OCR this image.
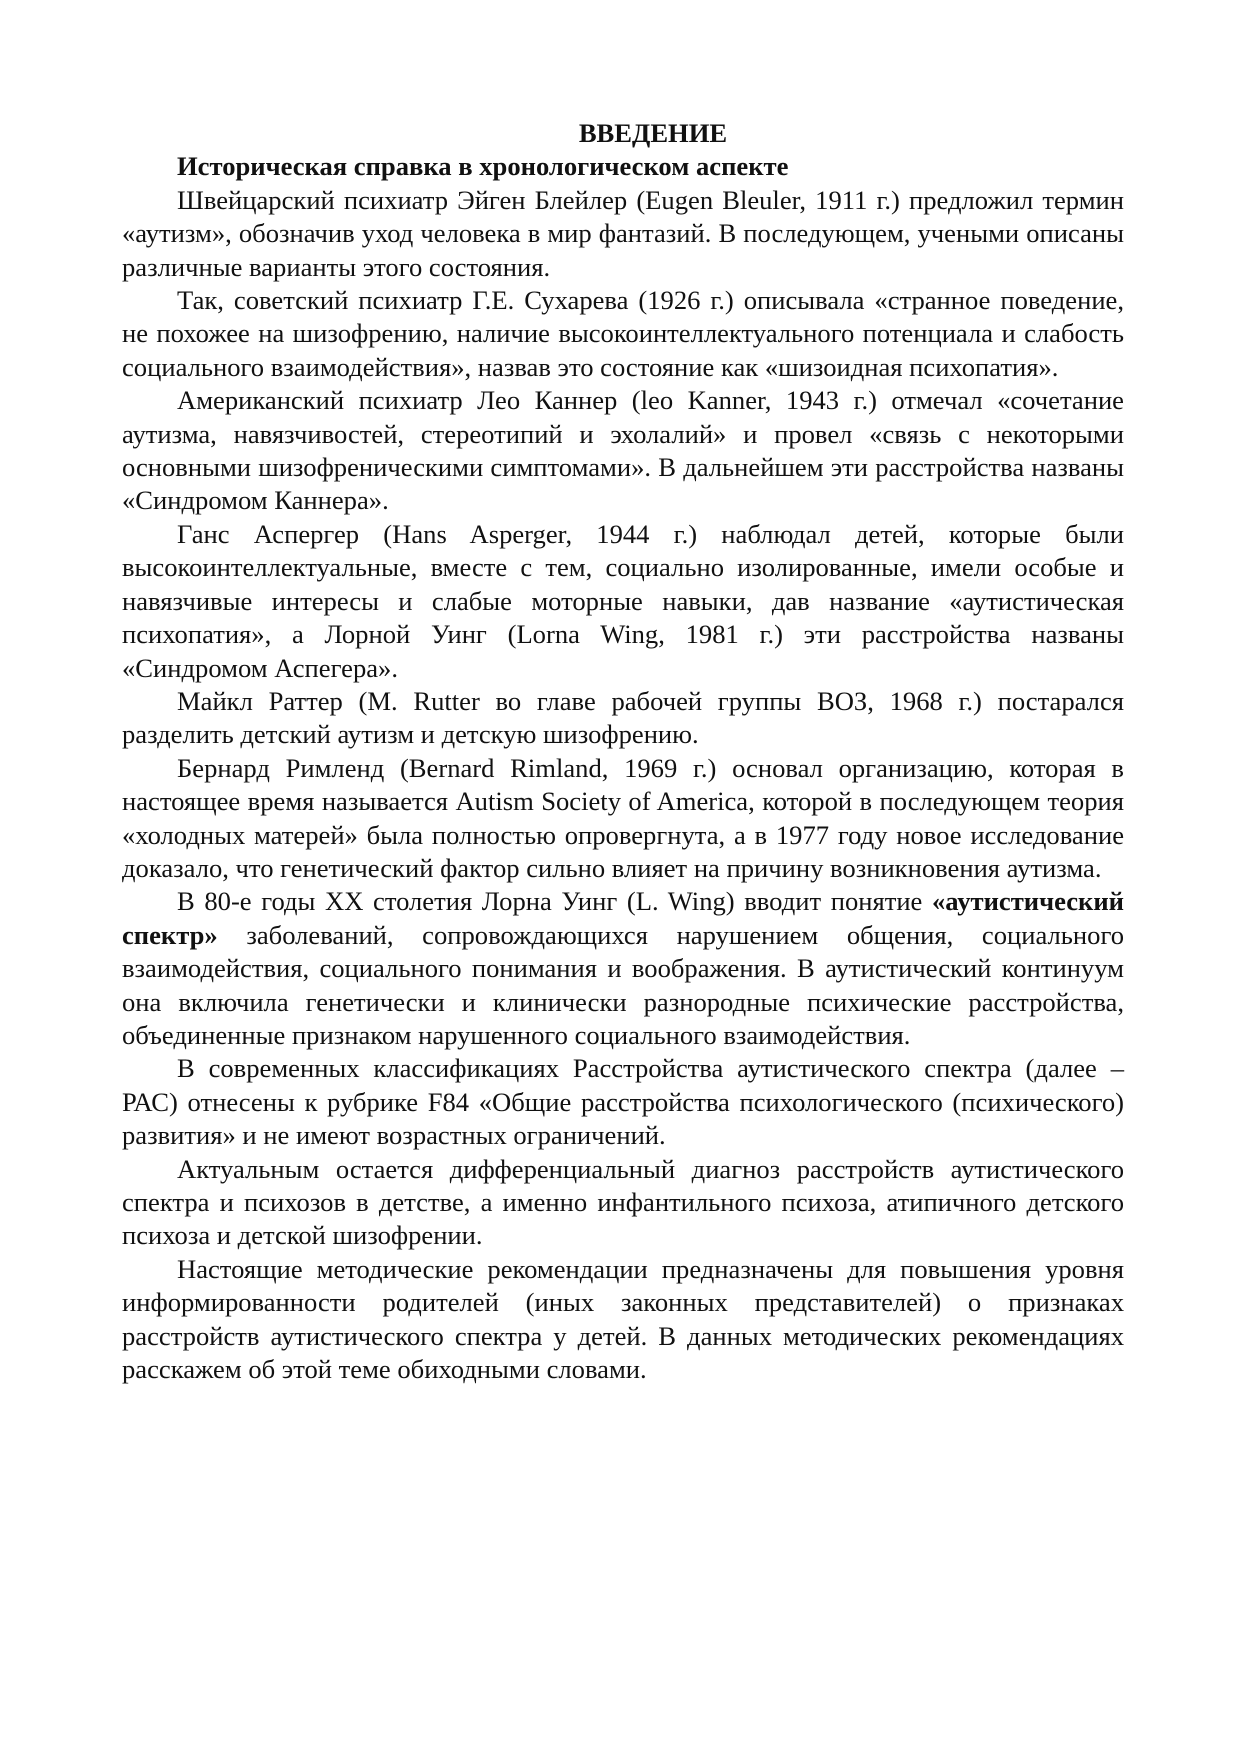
ВВЕДЕНИЕ

Историческая справка в хронологическом аспекте

Швейцарский психиатр Эйген Блейлер (Eugen Bleuler, 1911 г.) предложил термин «аутизм», обозначив уход человека в мир фантазий. В последующем, учеными описаны различные варианты этого состояния.

Так, советский психиатр Г.Е. Сухарева (1926 г.) описывала «странное поведение, не похожее на шизофрению, наличие высокоинтеллектуального потенциала и слабость социального взаимодействия», назвав это состояние как «шизоидная психопатия».

Американский психиатр Лео Каннер (leo Kanner, 1943 г.) отмечал «сочетание аутизма, навязчивостей, стереотипий и эхолалий» и провел «связь с некоторыми основными шизофреническими симптомами». В дальнейшем эти расстройства названы «Синдромом Каннера».

Ганс Аспергер (Hans Asperger, 1944 г.) наблюдал детей, которые были высокоинтеллектуальные, вместе с тем, социально изолированные, имели особые и навязчивые интересы и слабые моторные навыки, дав название «аутистическая психопатия», а Лорной Уинг (Lorna Wing, 1981 г.) эти расстройства названы «Синдромом Аспегера».

Майкл Раттер (M. Rutter во главе рабочей группы ВОЗ, 1968 г.) постарался разделить детский аутизм и детскую шизофрению.

Бернард Римленд (Bernard Rimland, 1969 г.) основал организацию, которая в настоящее время называется Autism Society of America, которой в последующем теория «холодных матерей» была полностью опровергнута, а в 1977 году новое исследование доказало, что генетический фактор сильно влияет на причину возникновения аутизма.

В 80-е годы XX столетия Лорна Уинг (L. Wing) вводит понятие «аутистический спектр» заболеваний, сопровождающихся нарушением общения, социального взаимодействия, социального понимания и воображения. В аутистический континуум она включила генетически и клинически разнородные психические расстройства, объединенные признаком нарушенного социального взаимодействия.

В современных классификациях Расстройства аутистического спектра (далее – РАС) отнесены к рубрике F84 «Общие расстройства психологического (психического) развития» и не имеют возрастных ограничений.

Актуальным остается дифференциальный диагноз расстройств аутистического спектра и психозов в детстве, а именно инфантильного психоза, атипичного детского психоза и детской шизофрении.

Настоящие методические рекомендации предназначены для повышения уровня информированности родителей (иных законных представителей) о признаках расстройств аутистического спектра у детей. В данных методических рекомендациях расскажем об этой теме обиходными словами.
